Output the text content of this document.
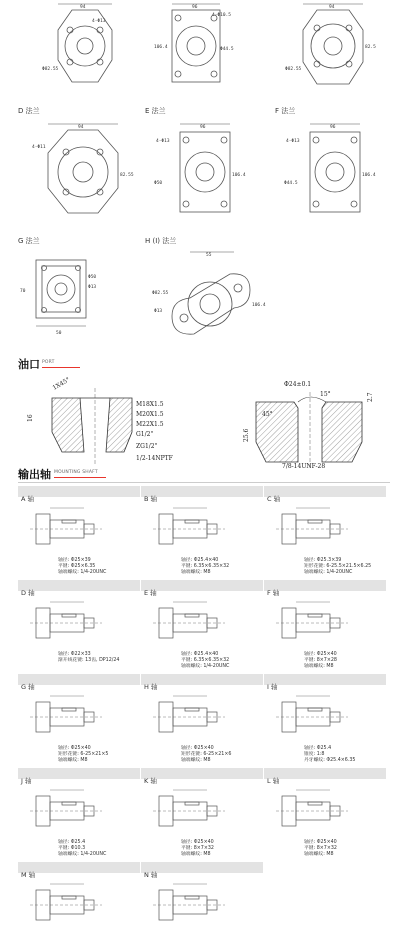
94
4-Φ13
Φ82.55
96
4-Φ10.5
106.4	Φ44.5
94
Φ82.55
82.5
D 法兰
94
4-Φ11
82.55
E 法兰
96
4-Φ13
106.4
Φ50
F 法兰
96
4-Φ13
106.4
Φ44.5
G 法兰
70
50
Φ50
Φ13
H (I) 法兰
55
106.4
Φ82.55
Φ13
油口 PORT
1X45°
16
M18X1.5
M20X1.5
M22X1.5
G1/2"
ZG1/2"
1/2-14NPTF
Φ24±0.1
15°	2.7
45°
25.6
7/8-14UNF-28
输出轴 MOUNTING SHAFT
A 轴
轴径: Φ25×39
平键: Φ25×6.35
轴端螺纹: 1/4-20UNC
B 轴
轴径: Φ25.4×40
平键: 6.35×6.35×32
轴端螺纹: M8
C 轴
轴径: Φ25.3×39
矩形花键: 6-25.5×21.5×6.25
轴端螺纹: 1/4-20UNC
D 轴
轴径: Φ22×33
渐开线花键: 13齿, DP12/24
E 轴
轴径: Φ25.4×40
平键: 6.35×6.35×32
轴端螺纹: 1/4-20UNC
F 轴
轴径: Φ25×40
平键: 8×7×28
轴端螺纹: M8
G 轴
轴径: Φ25×40
矩形花键: 6-25×21×5
轴端螺纹: M8
H 轴
轴径: Φ25×40
矩形花键: 6-25×21×6
轴端螺纹: M8
I 轴
轴径: Φ25.4
锥度: 1:8
丹牙螺纹: Φ25.4×6.35
J 轴
轴径: Φ25.4
平键: Φ10.3
轴端螺纹: 1/4-20UNC
K 轴
轴径: Φ25×40
平键: 8×7×32
轴端螺纹: M8
L 轴
轴径: Φ25×40
平键: 8×7×32
轴端螺纹: M8
M 轴	N 轴
